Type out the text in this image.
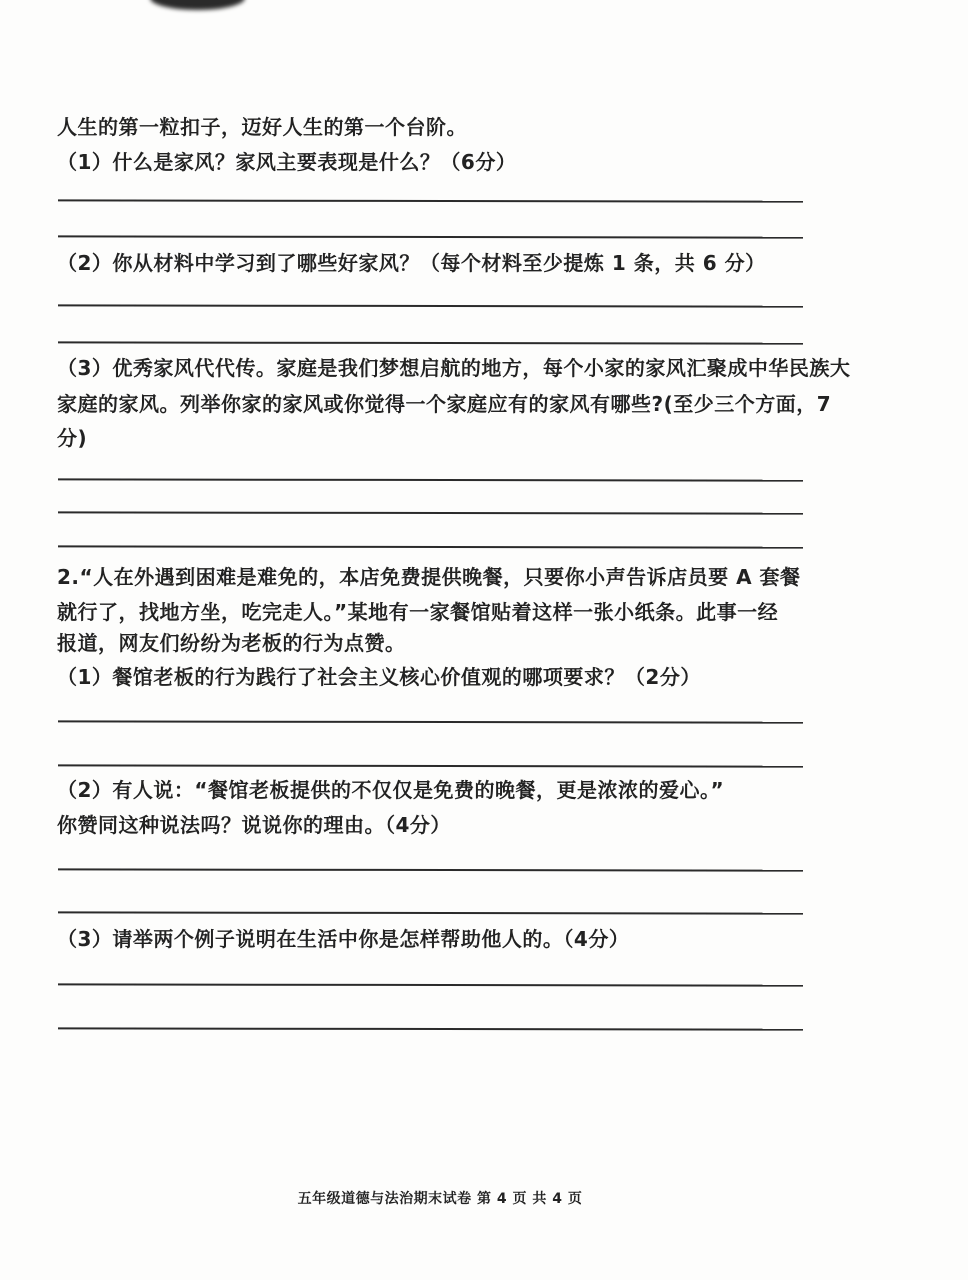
人生的第一粒扣子，迈好人生的第一个台阶。
（1）什么是家风？家风主要表现是什么？（6分）
（2）你从材料中学习到了哪些好家风？（每个材料至少提炼 1 条，共 6 分）
（3）优秀家风代代传。家庭是我们梦想启航的地方，每个小家的家风汇聚成中华民族大
家庭的家风。列举你家的家风或你觉得一个家庭应有的家风有哪些?(至少三个方面，7
分)
2.“人在外遇到困难是难免的，本店免费提供晚餐，只要你小声告诉店员要 A 套餐
就行了，找地方坐，吃完走人。”某地有一家餐馆贴着这样一张小纸条。此事一经
报道，网友们纷纷为老板的行为点赞。
（1）餐馆老板的行为践行了社会主义核心价值观的哪项要求？（2分）
（2）有人说：“餐馆老板提供的不仅仅是免费的晚餐，更是浓浓的爱心。”
你赞同这种说法吗？说说你的理由。（4分）
（3）请举两个例子说明在生活中你是怎样帮助他人的。（4分）
五年级道德与法治期末试卷 第 4 页 共 4 页
